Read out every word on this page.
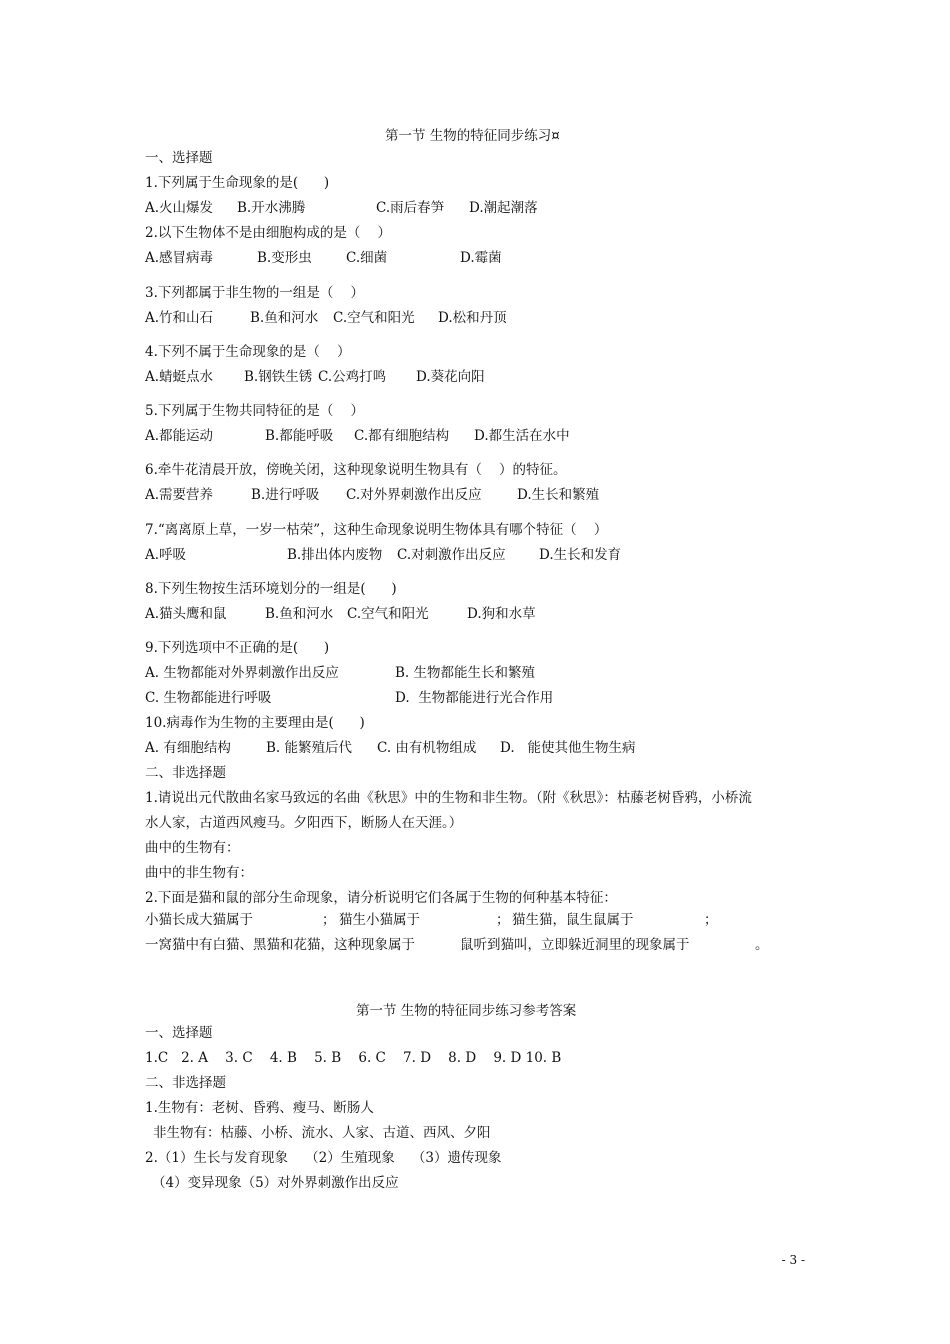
第一节 生物的特征同步练习¤
一、选择题
1.下列属于生命现象的是(      )
A.火山爆发 B.开水沸腾	C.雨后春笋 D.潮起潮落
2.以下生物体不是由细胞构成的是（    ）
A.感冒病毒	B.变形虫	C.细菌	D.霉菌
3.下列都属于非生物的一组是（    ）
A.竹和山石	B.鱼和河水 C.空气和阳光 D.松和丹顶
4.下列不属于生命现象的是（    ）
A.蜻蜓点水 B.钢铁生锈 C.公鸡打鸣 D.葵花向阳
5.下列属于生物共同特征的是（    ）
A.都能运动	B.都能呼吸 C.都有细胞结构 D.都生活在水中
6.牵牛花清晨开放，傍晚关闭，这种现象说明生物具有（    ）的特征。
A.需要营养	B.进行呼吸 C.对外界刺激作出反应	D.生长和繁殖
7.“离离原上草，一岁一枯荣”，这种生命现象说明生物体具有哪个特征（    ）
A.呼吸	B.排出体内废物 C.对刺激作出反应 D.生长和发育
8.下列生物按生活环境划分的一组是(      )
A.猫头鹰和鼠	B.鱼和河水 C.空气和阳光	D.狗和水草
9.下列选项中不正确的是(      )
A. 生物都能对外界刺激作出反应	B. 生物都能生长和繁殖
C. 生物都能进行呼吸	D.  生物都能进行光合作用
10.病毒作为生物的主要理由是(      )
A. 有细胞结构	B. 能繁殖后代 C. 由有机物组成 D.   能使其他生物生病
二、非选择题
1.请说出元代散曲名家马致远的名曲《秋思》中的生物和非生物。（附《秋思》：枯藤老树昏鸦，小桥流
水人家，古道西风瘦马。夕阳西下，断肠人在天涯。）
曲中的生物有：
曲中的非生物有：
2.下面是猫和鼠的部分生命现象，请分析说明它们各属于生物的何种基本特征：
小猫长成大猫属于	； 猫生小猫属于	； 猫生猫，鼠生鼠属于	；
一窝猫中有白猫、黑猫和花猫，这种现象属于	鼠听到猫叫，立即躲近洞里的现象属于	。
第一节 生物的特征同步练习参考答案
一、选择题
1.C   2. A    3. C    4. B    5. B    6. C    7. D    8. D    9. D 10. B
二、非选择题
1.生物有：老树、昏鸦、瘦马、断肠人
非生物有：枯藤、小桥、流水、人家、古道、西风、夕阳
2.（1）生长与发育现象    （2）生殖现象    （3）遗传现象
（4）变异现象（5）对外界刺激作出反应
- 3 -
